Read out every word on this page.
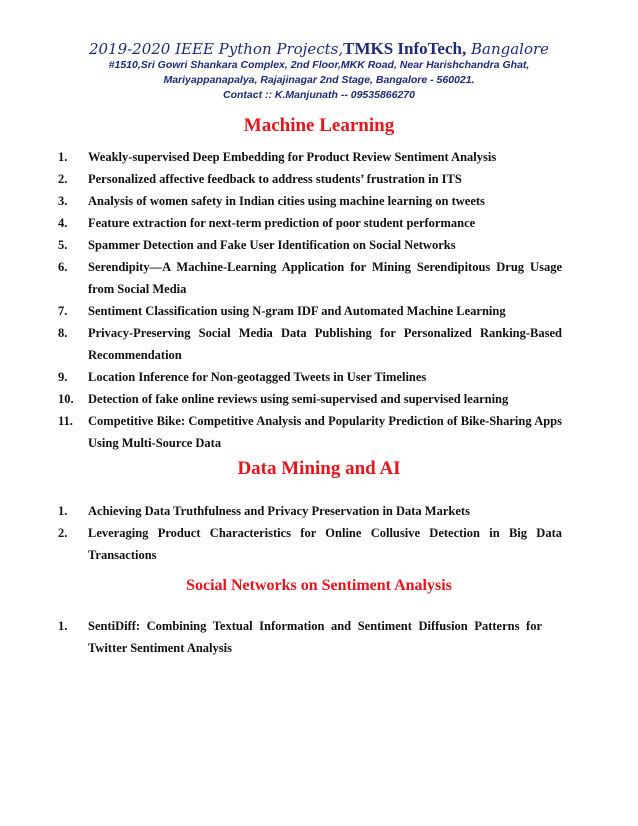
2019-2020 IEEE Python Projects,TMKS InfoTech, Bangalore
#1510,Sri Gowri Shankara Complex, 2nd Floor,MKK Road, Near Harishchandra Ghat,
Mariyappanapalya, Rajajinagar 2nd Stage, Bangalore - 560021.
Contact :: K.Manjunath -- 09535866270
Machine Learning
1. Weakly-supervised Deep Embedding for Product Review Sentiment Analysis
2. Personalized affective feedback to address students’ frustration in ITS
3. Analysis of women safety in Indian cities using machine learning on tweets
4. Feature extraction for next-term prediction of poor student performance
5. Spammer Detection and Fake User Identification on Social Networks
6. Serendipity—A Machine-Learning Application for Mining Serendipitous Drug Usage from Social Media
7. Sentiment Classification using N-gram IDF and Automated Machine Learning
8. Privacy-Preserving Social Media Data Publishing for Personalized Ranking-Based Recommendation
9. Location Inference for Non-geotagged Tweets in User Timelines
10. Detection of fake online reviews using semi-supervised and supervised learning
11. Competitive Bike: Competitive Analysis and Popularity Prediction of Bike-Sharing Apps Using Multi-Source Data
Data Mining and AI
1. Achieving Data Truthfulness and Privacy Preservation in Data Markets
2. Leveraging Product Characteristics for Online Collusive Detection in Big Data Transactions
Social Networks on Sentiment Analysis
1. SentiDiff: Combining Textual Information and Sentiment Diffusion Patterns for Twitter Sentiment Analysis
